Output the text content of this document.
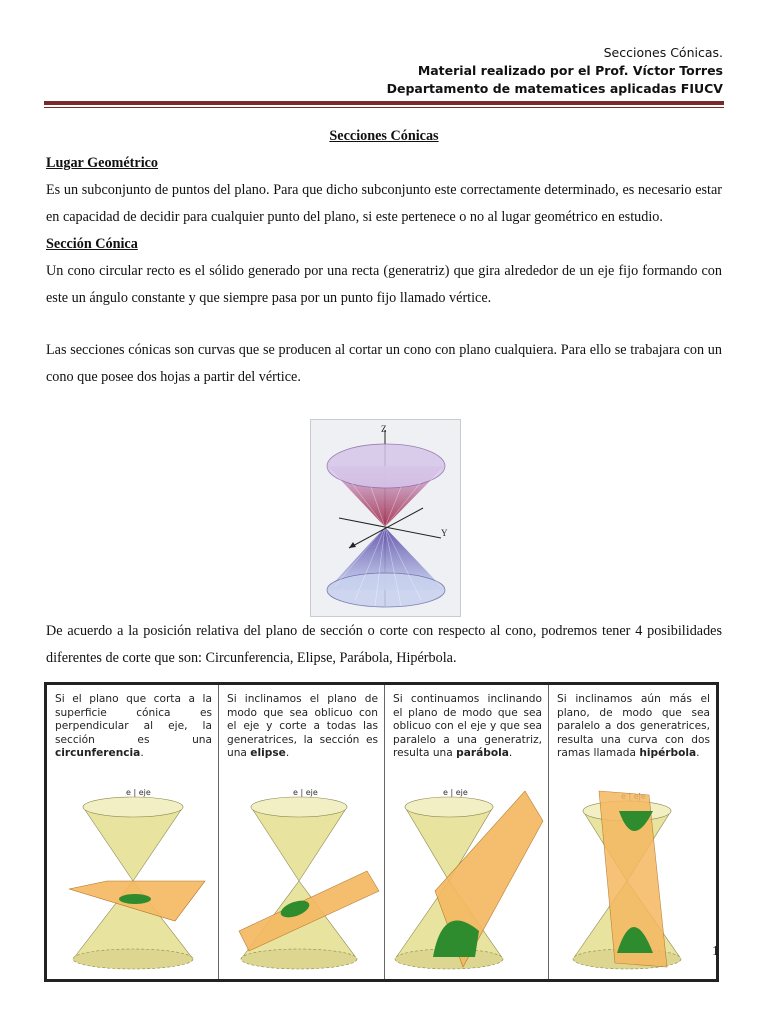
Secciones Cónicas.
Material realizado por el Prof. Víctor Torres
Departamento de matematices aplicadas FIUCV

Secciones Cónicas

Lugar Geométrico

Es un subconjunto de puntos del plano. Para que dicho subconjunto este correctamente determinado, es necesario estar en capacidad de decidir para cualquier punto del plano, si este pertenece o no al lugar geométrico en estudio.

Sección Cónica

Un cono circular recto es el sólido generado por una recta (generatriz) que gira alrededor de un eje fijo formando con este un ángulo constante y que siempre pasa por un punto fijo llamado vértice.

Las secciones cónicas son curvas que se producen al cortar un cono con plano cualquiera. Para ello se trabajara con un cono que posee dos hojas a partir del vértice.

Z
Y

De acuerdo a la posición relativa del plano de sección o corte con respecto al cono, podremos tener 4 posibilidades diferentes de corte que son: Circunferencia, Elipse, Parábola, Hipérbola.

Si el plano que corta a la superficie cónica es perpendicular al eje, la sección es una circunferencia.
e | eje
Si inclinamos el plano de modo que sea oblicuo con el eje y corte a todas las generatrices, la sección es una elipse.
e | eje
Si continuamos inclinando el plano de modo que sea oblicuo con el eje y que sea paralelo a una generatriz, resulta una parábola.
e | eje
Si inclinamos aún más el plano, de modo que sea paralelo a dos generatrices, resulta una curva con dos ramas llamada hipérbola.
1
